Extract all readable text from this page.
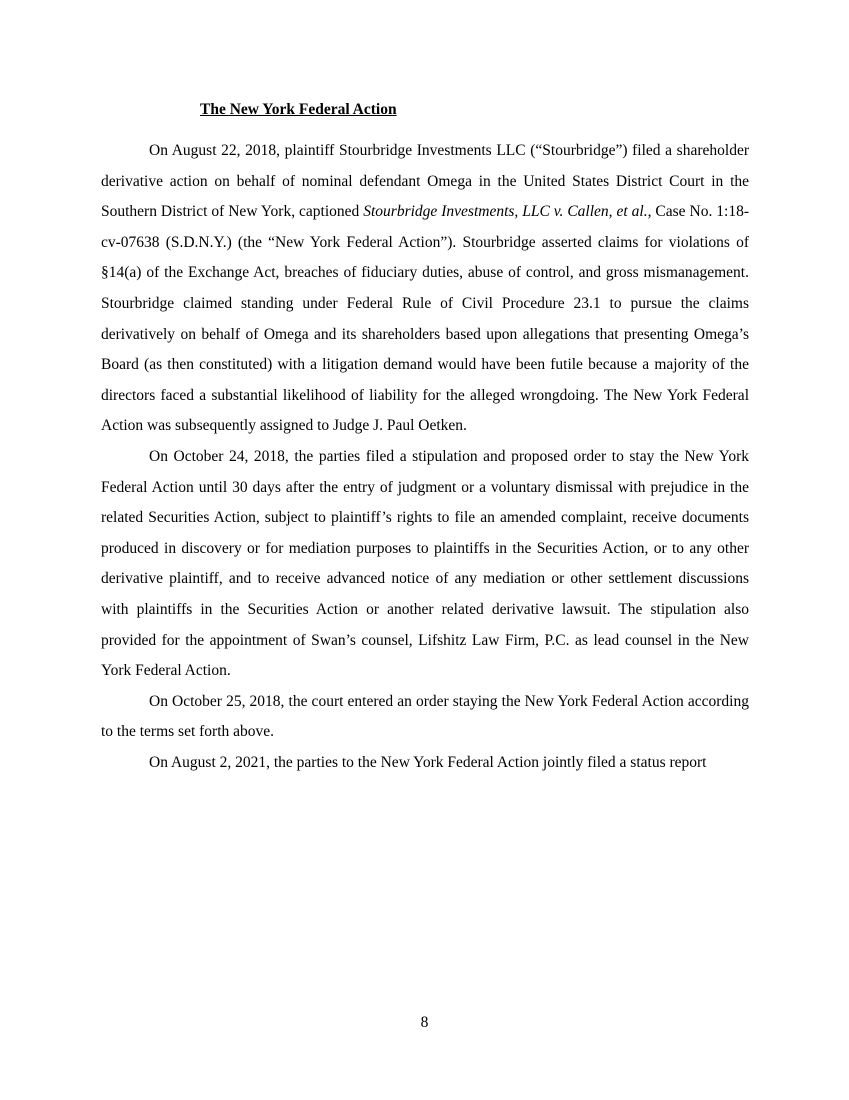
The New York Federal Action

On August 22, 2018, plaintiff Stourbridge Investments LLC (“Stourbridge”) filed a shareholder derivative action on behalf of nominal defendant Omega in the United States District Court in the Southern District of New York, captioned Stourbridge Investments, LLC v. Callen, et al., Case No. 1:18-cv-07638 (S.D.N.Y.) (the “New York Federal Action”). Stourbridge asserted claims for violations of §14(a) of the Exchange Act, breaches of fiduciary duties, abuse of control, and gross mismanagement. Stourbridge claimed standing under Federal Rule of Civil Procedure 23.1 to pursue the claims derivatively on behalf of Omega and its shareholders based upon allegations that presenting Omega’s Board (as then constituted) with a litigation demand would have been futile because a majority of the directors faced a substantial likelihood of liability for the alleged wrongdoing. The New York Federal Action was subsequently assigned to Judge J. Paul Oetken.

On October 24, 2018, the parties filed a stipulation and proposed order to stay the New York Federal Action until 30 days after the entry of judgment or a voluntary dismissal with prejudice in the related Securities Action, subject to plaintiff’s rights to file an amended complaint, receive documents produced in discovery or for mediation purposes to plaintiffs in the Securities Action, or to any other derivative plaintiff, and to receive advanced notice of any mediation or other settlement discussions with plaintiffs in the Securities Action or another related derivative lawsuit. The stipulation also provided for the appointment of Swan’s counsel, Lifshitz Law Firm, P.C. as lead counsel in the New York Federal Action.

On October 25, 2018, the court entered an order staying the New York Federal Action according to the terms set forth above.

On August 2, 2021, the parties to the New York Federal Action jointly filed a status report

8
